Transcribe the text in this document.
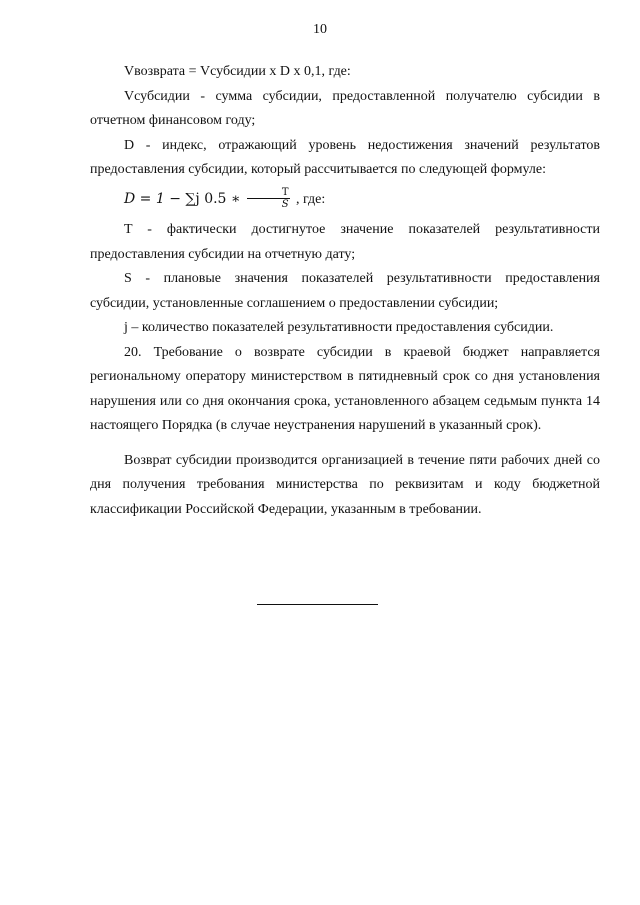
10

Vвозврата = Vсубсидии x D x 0,1, где:

Vсубсидии - сумма субсидии, предоставленной получателю субсидии в отчетном финансовом году;

D - индекс, отражающий уровень недостижения значений результатов предоставления субсидии, который рассчитывается по следующей формуле:

D = 1 − ∑j 0.5 ∗ $\frac{T}{S}$ , где:

T - фактически достигнутое значение показателей результативности предоставления субсидии на отчетную дату;

S - плановые значения показателей результативности предоставления субсидии, установленные соглашением о предоставлении субсидии;

j – количество показателей результативности предоставления субсидии.

20. Требование о возврате субсидии в краевой бюджет направляется региональному оператору министерством в пятидневный срок со дня установления нарушения или со дня окончания срока, установленного абзацем седьмым пункта 14 настоящего Порядка (в случае неустранения нарушений в указанный срок).

Возврат субсидии производится организацией в течение пяти рабочих дней со дня получения требования министерства по реквизитам и коду бюджетной классификации Российской Федерации, указанным в требовании.
